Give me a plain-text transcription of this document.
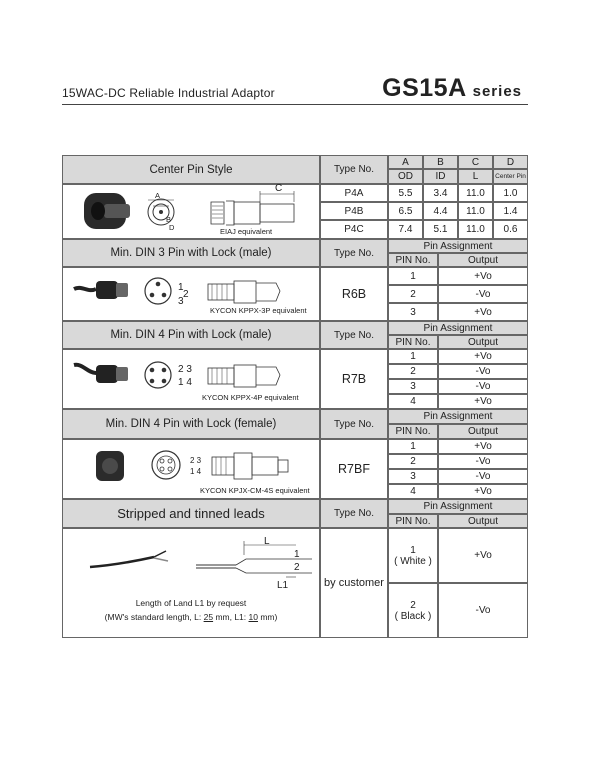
15WAC-DC Reliable Industrial Adaptor	GS15A series
Center Pin Style	Type No.
A	B	C	D
OD	ID	L	Center Pin
A
B
D
C
EIAJ equivalent
P4A	5.5	3.4	11.0	1.0
P4B	6.5	4.4	11.0	1.4
P4C	7.4	5.1	11.0	0.6
Min. DIN 3 Pin with Lock (male)	Type No.
Pin Assignment
PIN No.	Output
1
2
3
KYCON KPPX-3P equivalent
R6B
1	+Vo
2	-Vo
3	+Vo
Min. DIN 4 Pin with Lock (male)	Type No.
Pin Assignment
PIN No.	Output
2 3
1 4
KYCON KPPX-4P equivalent
R7B
1	+Vo
2	-Vo
3	-Vo
4	+Vo
Min. DIN 4 Pin with Lock (female)	Type No.
Pin Assignment
PIN No.	Output
2 3
1 4
KYCON KPJX-CM-4S equivalent
R7BF
1	+Vo
2	-Vo
3	-Vo
4	+Vo
Stripped and tinned leads	Type No.
Pin Assignment
PIN No.	Output
L
1
2
L1
Length of Land L1 by request
(MW's standard length, L: 25 mm, L1: 10 mm)
by customer
1
( White )	+Vo
2
( Black )	-Vo
